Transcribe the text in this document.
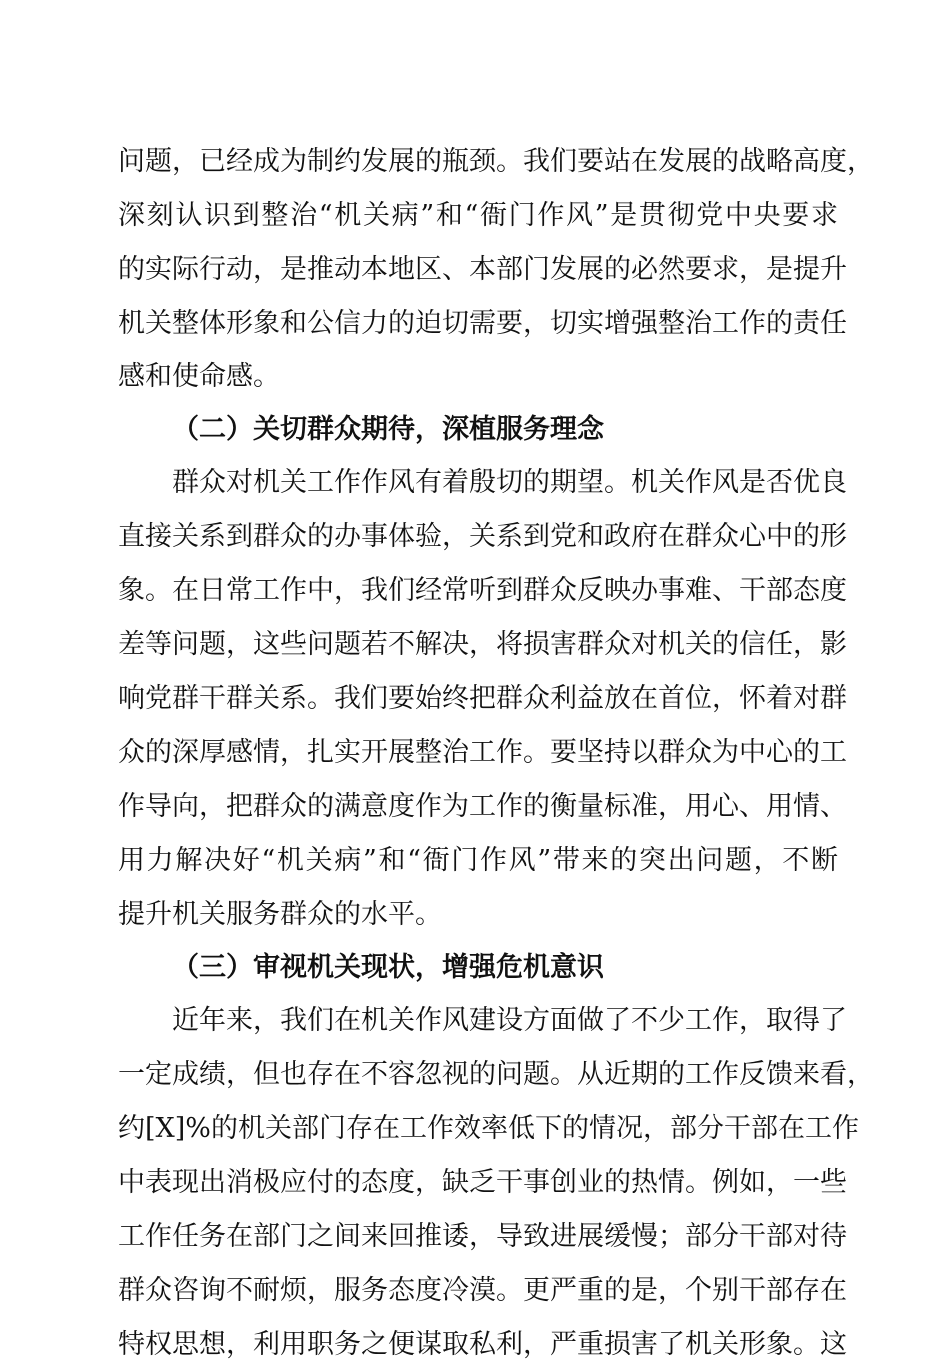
问题，已经成为制约发展的瓶颈。我们要站在发展的战略高度，
深刻认识到整治“机关病”和“衙门作风”是贯彻党中央要求
的实际行动，是推动本地区、本部门发展的必然要求，是提升
机关整体形象和公信力的迫切需要，切实增强整治工作的责任
感和使命感。
（二）关切群众期待，深植服务理念
群众对机关工作作风有着殷切的期望。机关作风是否优良
直接关系到群众的办事体验，关系到党和政府在群众心中的形
象。在日常工作中，我们经常听到群众反映办事难、干部态度
差等问题，这些问题若不解决，将损害群众对机关的信任，影
响党群干群关系。我们要始终把群众利益放在首位，怀着对群
众的深厚感情，扎实开展整治工作。要坚持以群众为中心的工
作导向，把群众的满意度作为工作的衡量标准，用心、用情、
用力解决好“机关病”和“衙门作风”带来的突出问题，不断
提升机关服务群众的水平。
（三）审视机关现状，增强危机意识
近年来，我们在机关作风建设方面做了不少工作，取得了
一定成绩，但也存在不容忽视的问题。从近期的工作反馈来看，
约[X]%的机关部门存在工作效率低下的情况，部分干部在工作
中表现出消极应付的态度，缺乏干事创业的热情。例如，一些
工作任务在部门之间来回推诿，导致进展缓慢；部分干部对待
群众咨询不耐烦，服务态度冷漠。更严重的是，个别干部存在
特权思想，利用职务之便谋取私利，严重损害了机关形象。这
